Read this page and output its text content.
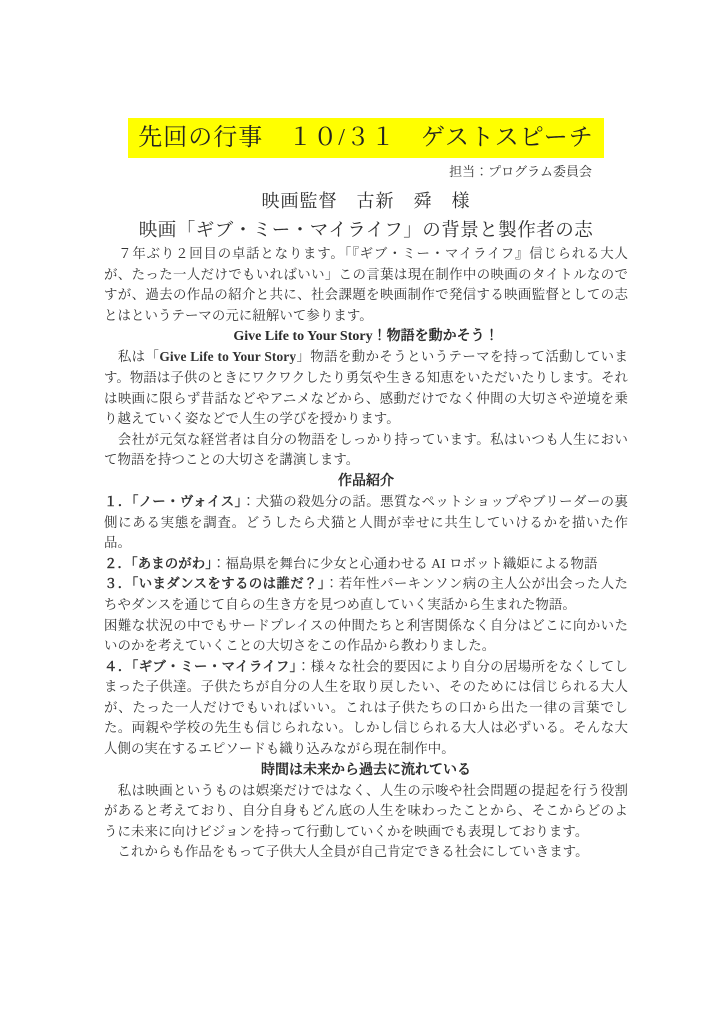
先回の行事　１０/３１　ゲストスピーチ
担当：プログラム委員会
映画監督　古新　舜　様
映画「ギブ・ミー・マイライフ」の背景と製作者の志

　７年ぶり２回目の卓話となります。「『ギブ・ミー・マイライフ』信じられる大人が、たった一人だけでもいればいい」この言葉は現在制作中の映画のタイトルなのですが、過去の作品の紹介と共に、社会課題を映画制作で発信する映画監督としての志とはというテーマの元に紐解いて参ります。

Give Life to Your Story！物語を動かそう！

　私は「Give Life to Your Story」物語を動かそうというテーマを持って活動しています。物語は子供のときにワクワクしたり勇気や生きる知恵をいただいたりします。それは映画に限らず昔話などやアニメなどから、感動だけでなく仲間の大切さや逆境を乗り越えていく姿などで人生の学びを授かります。

　会社が元気な経営者は自分の物語をしっかり持っています。私はいつも人生において物語を持つことの大切さを講演します。

作品紹介

１．「ノー・ヴォイス」：犬猫の殺処分の話。悪質なペットショップやブリーダーの裏側にある実態を調査。どうしたら犬猫と人間が幸せに共生していけるかを描いた作品。

２．「あまのがわ」：福島県を舞台に少女と心通わせる AI ロボット織姫による物語

３．「いまダンスをするのは誰だ？」：若年性パーキンソン病の主人公が出会った人たちやダンスを通じて自らの生き方を見つめ直していく実話から生まれた物語。

困難な状況の中でもサードプレイスの仲間たちと利害関係なく自分はどこに向かいたいのかを考えていくことの大切さをこの作品から教わりました。

４．「ギブ・ミー・マイライフ」：様々な社会的要因により自分の居場所をなくしてしまった子供達。子供たちが自分の人生を取り戻したい、そのためには信じられる大人が、たった一人だけでもいればいい。これは子供たちの口から出た一律の言葉でした。両親や学校の先生も信じられない。しかし信じられる大人は必ずいる。そんな大人側の実在するエピソードも織り込みながら現在制作中。

時間は未来から過去に流れている

　私は映画というものは娯楽だけではなく、人生の示唆や社会問題の提起を行う役割があると考えており、自分自身もどん底の人生を味わったことから、そこからどのように未来に向けビジョンを持って行動していくかを映画でも表現しております。

　これからも作品をもって子供大人全員が自己肯定できる社会にしていきます。
